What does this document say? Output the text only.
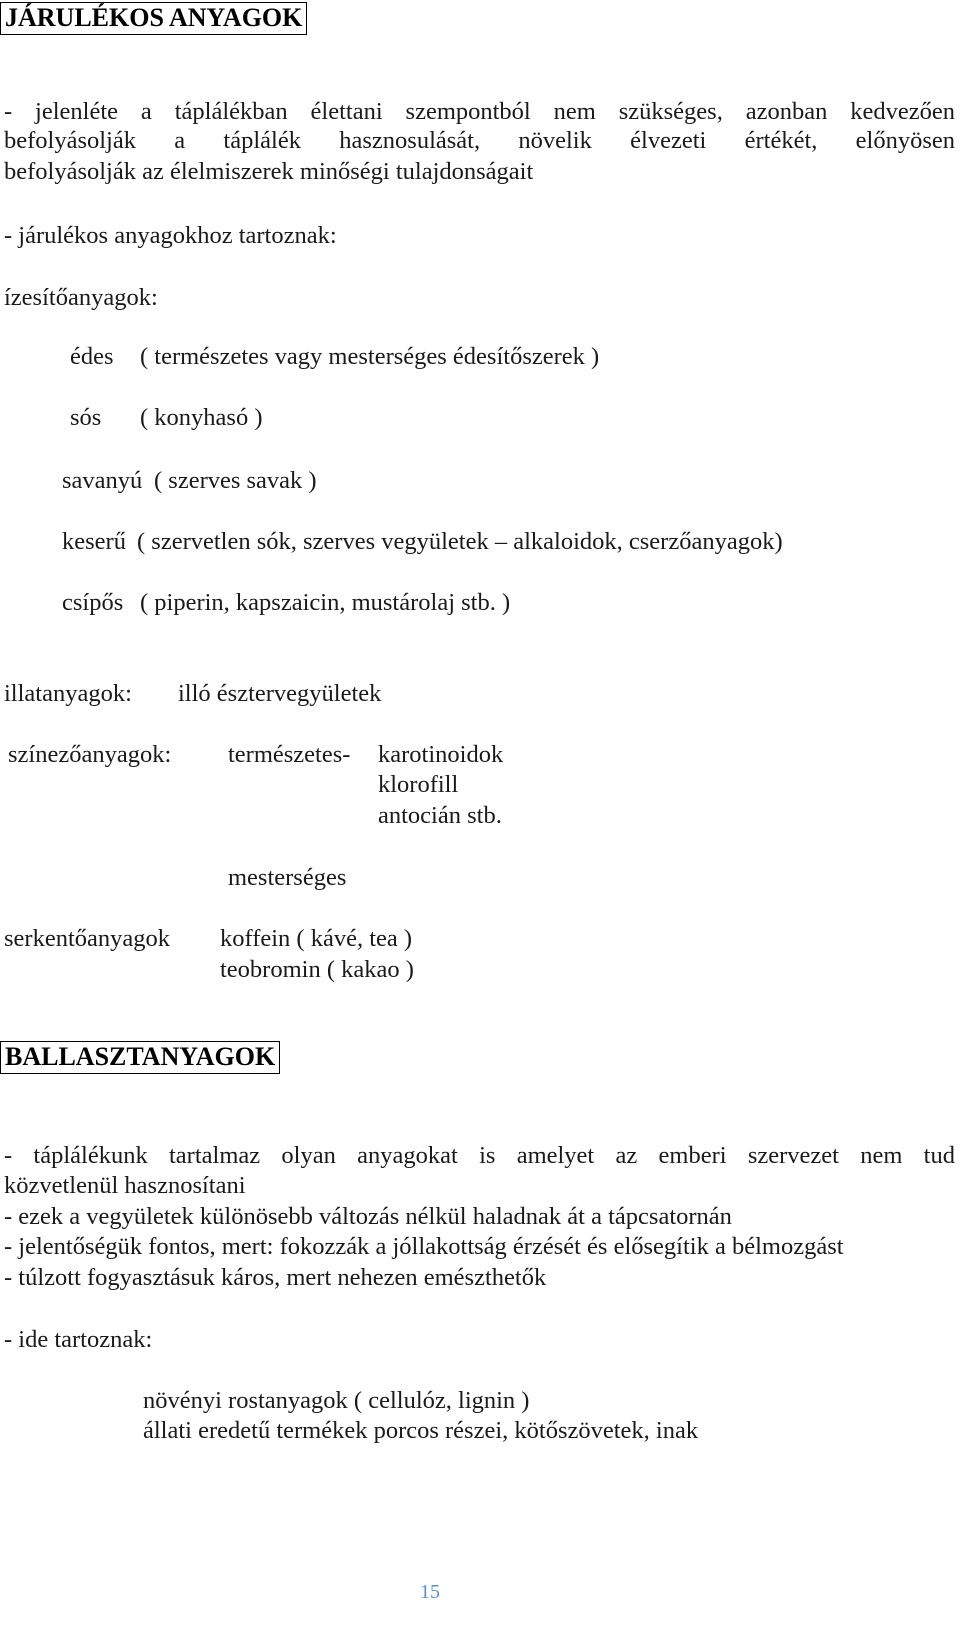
JÁRULÉKOS ANYAGOK
- jelenléte a táplálékban élettani szempontból nem szükséges, azonban kedvezően
befolyásolják a táplálék hasznosulását, növelik élvezeti értékét, előnyösen
befolyásolják az élelmiszerek minőségi tulajdonságait
- járulékos anyagokhoz tartoznak:
ízesítőanyagok:
édes ( természetes vagy mesterséges édesítőszerek )
sós ( konyhasó )
savanyú ( szerves savak )
keserű ( szervetlen sók, szerves vegyületek – alkaloidok, cserzőanyagok)
csípős ( piperin, kapszaicin, mustárolaj stb. )
illatanyagok: illó észtervegyületek
színezőanyagok: természetes- karotinoidok
klorofill
antocián stb.
mesterséges
serkentőanyagok koffein ( kávé, tea )
teobromin ( kakao )
BALLASZTANYAGOK
- táplálékunk tartalmaz olyan anyagokat is amelyet az emberi szervezet nem tud
közvetlenül hasznosítani
- ezek a vegyületek különösebb változás nélkül haladnak át a tápcsatornán
- jelentőségük fontos, mert: fokozzák a jóllakottság érzését és elősegítik a bélmozgást
- túlzott fogyasztásuk káros, mert nehezen emészthetők
- ide tartoznak:
növényi rostanyagok ( cellulóz, lignin )
állati eredetű termékek porcos részei, kötőszövetek, inak
15
